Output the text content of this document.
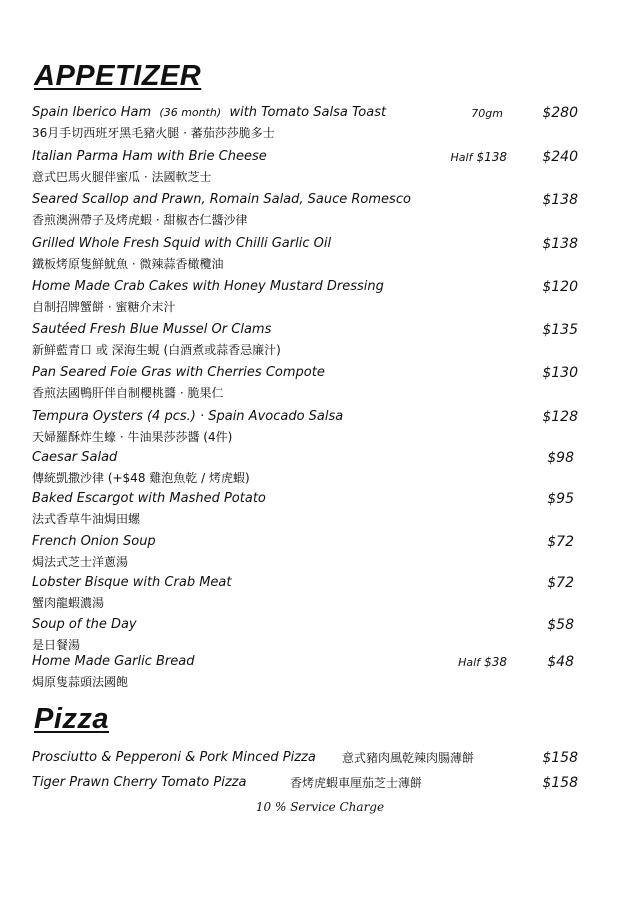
APPETIZER
Spain Iberico Ham (36 month) with Tomato Salsa Toast	70gm	$280
36月手切西班牙黑毛豬火腿 · 蕃茄莎莎脆多士
Italian Parma Ham with Brie Cheese	Half $138	$240
意式巴馬火腿伴蜜瓜 · 法國軟芝士
Seared Scallop and Prawn, Romain Salad, Sauce Romesco	$138
香煎澳洲帶子及烤虎蝦 · 甜椒杏仁醬沙律
Grilled Whole Fresh Squid with Chilli Garlic Oil	$138
鐵板烤原隻鮮魷魚 · 微辣蒜香橄欖油
Home Made Crab Cakes with Honey Mustard Dressing	$120
自制招牌蟹餅 · 蜜糖介末汁
Sautéed Fresh Blue Mussel Or Clams	$135
新鮮藍青口 或 深海生蜆 (白酒煮或蒜香忌廉汁)
Pan Seared Foie Gras with Cherries Compote	$130
香煎法國鴨肝伴自制櫻桃醬 · 脆果仁
Tempura Oysters (4 pcs.) · Spain Avocado Salsa	$128
天婦羅酥炸生蠔 · 牛油果莎莎醬 (4件)
Caesar Salad	$98
傳統凱撒沙律 (+$48 雞泡魚乾 / 烤虎蝦)
Baked Escargot with Mashed Potato	$95
法式香草牛油焗田螺
French Onion Soup	$72
焗法式芝士洋蔥湯
Lobster Bisque with Crab Meat	$72
蟹肉龍蝦濃湯
Soup of the Day	$58
是日餐湯
Home Made Garlic Bread	Half $38	$48
焗原隻蒜頭法國飽
Pizza
Prosciutto & Pepperoni & Pork Minced Pizza 意式豬肉風乾辣肉腸薄餅	$158
Tiger Prawn Cherry Tomato Pizza	香烤虎蝦車厘茄芝士薄餅	$158
10 % Service Charge
